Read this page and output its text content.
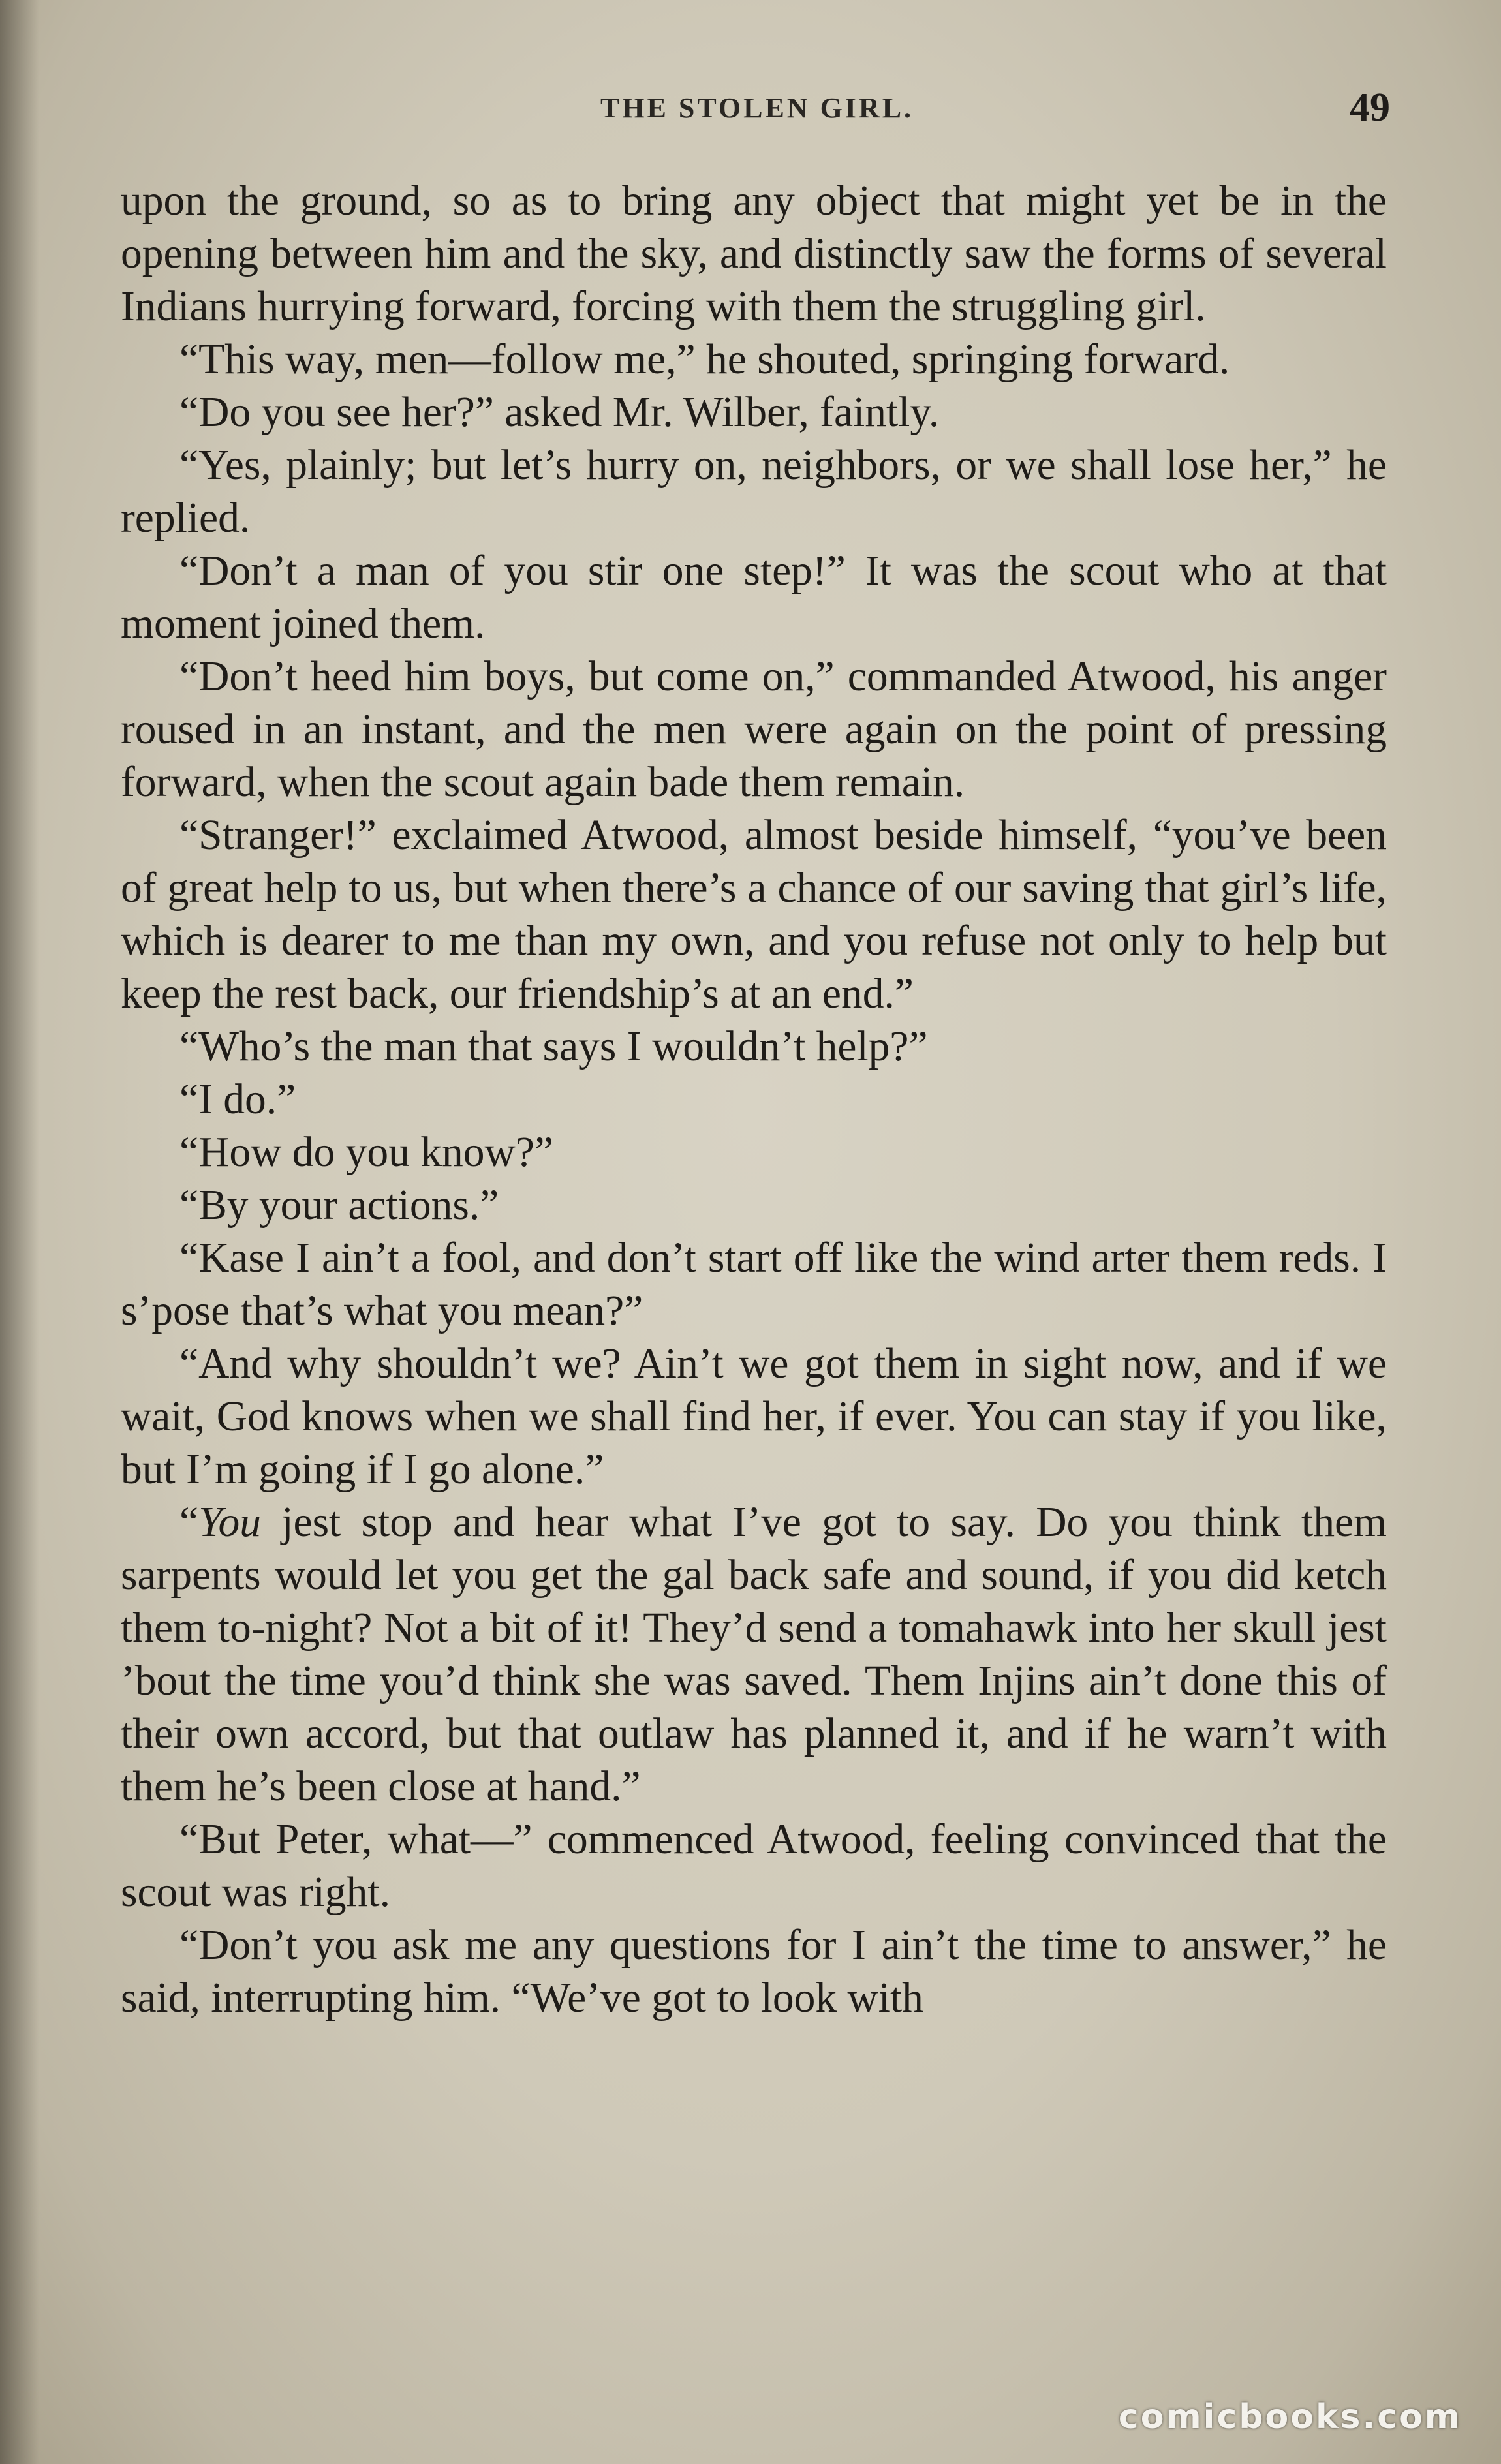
THE STOLEN GIRL.	49

upon the ground, so as to bring any object that might yet be in the opening between him and the sky, and distinctly saw the forms of several Indians hurrying forward, forcing with them the struggling girl.

“This way, men—follow me,” he shouted, springing forward.

“Do you see her?” asked Mr. Wilber, faintly.

“Yes, plainly; but let’s hurry on, neighbors, or we shall lose her,” he replied.

“Don’t a man of you stir one step!” It was the scout who at that moment joined them.

“Don’t heed him boys, but come on,” commanded Atwood, his anger roused in an instant, and the men were again on the point of pressing forward, when the scout again bade them remain.

“Stranger!” exclaimed Atwood, almost beside himself, “you’ve been of great help to us, but when there’s a chance of our saving that girl’s life, which is dearer to me than my own, and you refuse not only to help but keep the rest back, our friendship’s at an end.”

“Who’s the man that says I wouldn’t help?”

“I do.”

“How do you know?”

“By your actions.”

“Kase I ain’t a fool, and don’t start off like the wind arter them reds. I s’pose that’s what you mean?”

“And why shouldn’t we? Ain’t we got them in sight now, and if we wait, God knows when we shall find her, if ever. You can stay if you like, but I’m going if I go alone.”

“You jest stop and hear what I’ve got to say. Do you think them sarpents would let you get the gal back safe and sound, if you did ketch them to-night? Not a bit of it! They’d send a tomahawk into her skull jest ’bout the time you’d think she was saved. Them Injins ain’t done this of their own accord, but that outlaw has planned it, and if he warn’t with them he’s been close at hand.”

“But Peter, what—” commenced Atwood, feeling convinced that the scout was right.

“Don’t you ask me any questions for I ain’t the time to answer,” he said, interrupting him. “We’ve got to look with

comicbooks.com
